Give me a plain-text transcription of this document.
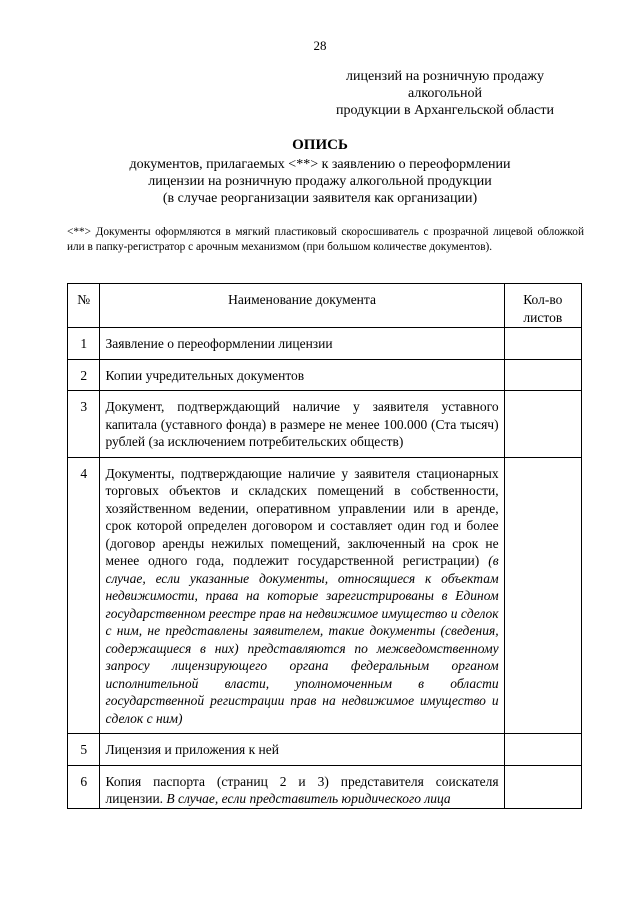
28
лицензий на розничную продажу
алкогольной
продукции в Архангельской области
ОПИСЬ
документов, прилагаемых <**> к заявлению о переоформлении
лицензии на розничную продажу алкогольной продукции
(в случае реорганизации заявителя как организации)
<**> Документы оформляются в мягкий пластиковый скоросшиватель с прозрачной лицевой обложкой или в папку-регистратор с арочным механизмом (при большом количестве документов).
№	Наименование документа	Кол-во листов
1	Заявление о переоформлении лицензии	
2	Копии учредительных документов	
3	Документ, подтверждающий наличие у заявителя уставного капитала (уставного фонда) в размере не менее 100.000 (Ста тысяч) рублей (за исключением потребительских обществ)	
4	Документы, подтверждающие наличие у заявителя стационарных торговых объектов и складских помещений в собственности, хозяйственном ведении, оперативном управлении или в аренде, срок которой определен договором и составляет один год и более (договор аренды нежилых помещений, заключенный на срок не менее одного года, подлежит государственной регистрации) (в случае, если указанные документы, относящиеся к объектам недвижимости, права на которые зарегистрированы в Едином государственном реестре прав на недвижимое имущество и сделок с ним, не представлены заявителем, такие документы (сведения, содержащиеся в них) представляются по межведомственному запросу лицензирующего органа федеральным органом исполнительной власти, уполномоченным в области государственной регистрации прав на недвижимое имущество и сделок с ним)	
5	Лицензия и приложения к ней	
6	Копия паспорта (страниц 2 и 3) представителя соискателя лицензии. В случае, если представитель юридического лица	
